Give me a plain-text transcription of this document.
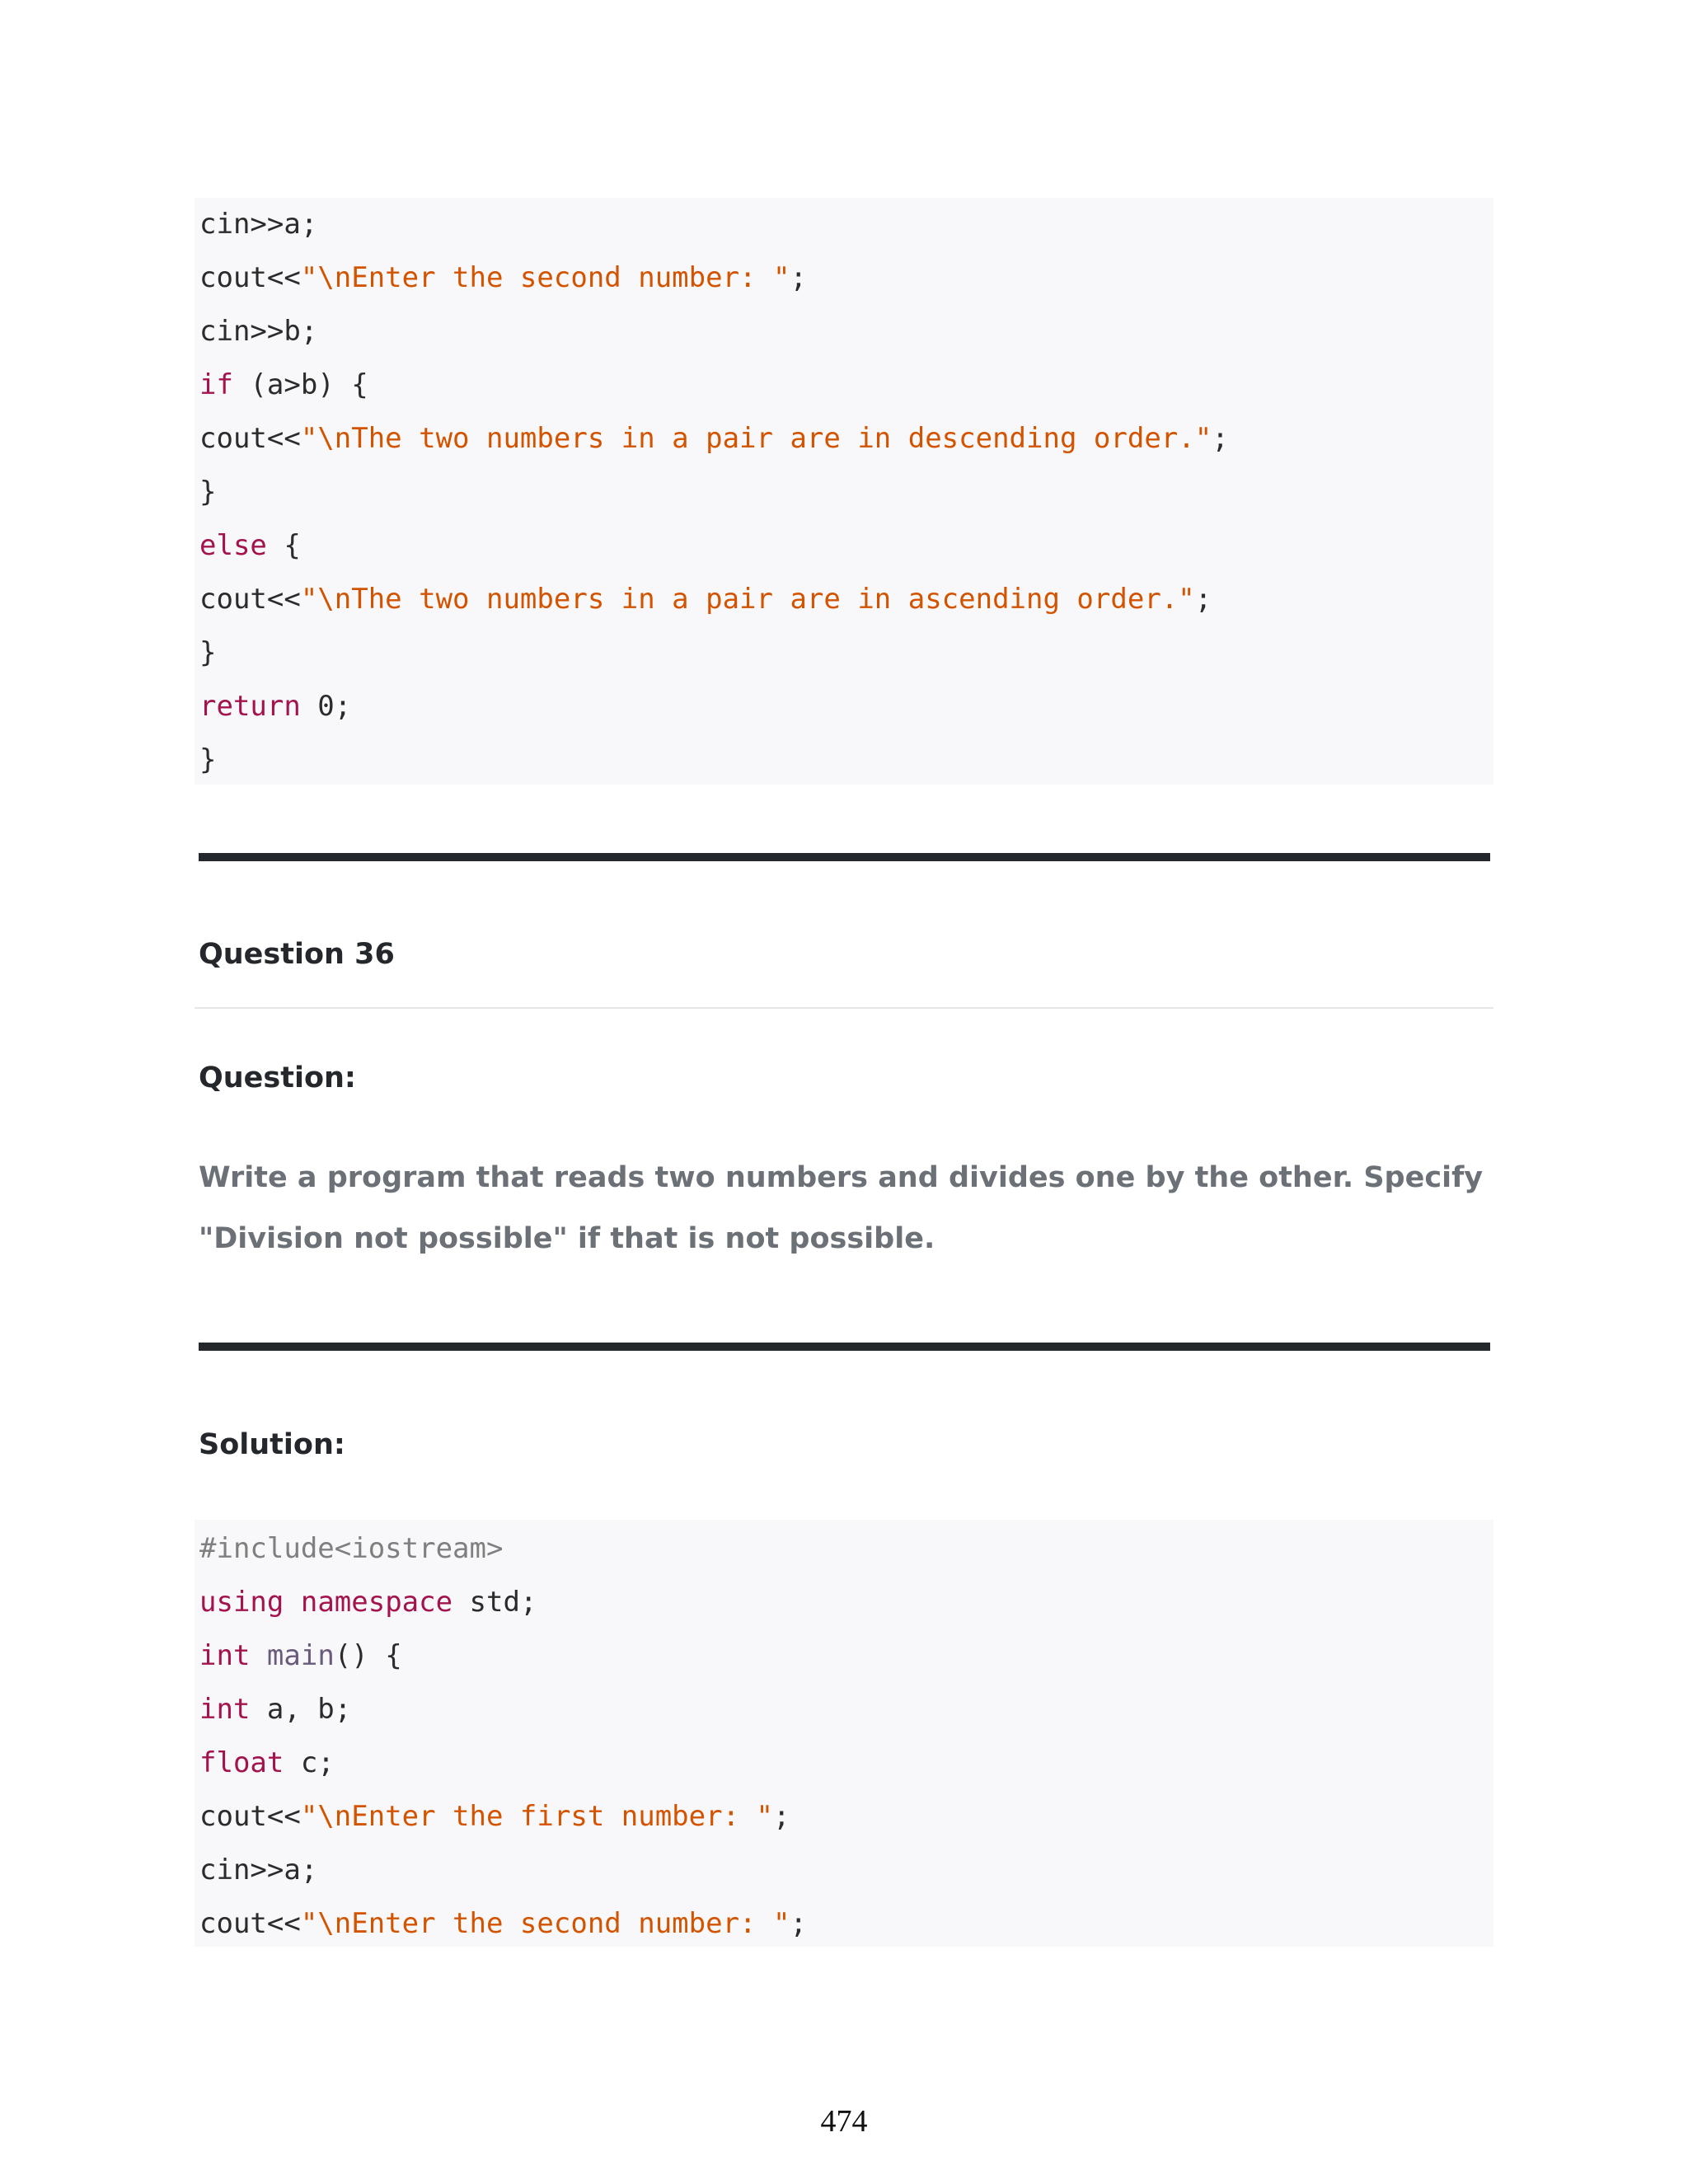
cin>>a;
cout<<"\nEnter the second number: ";
cin>>b;
if (a>b) {
cout<<"\nThe two numbers in a pair are in descending order.";
}
else {
cout<<"\nThe two numbers in a pair are in ascending order.";
}
return 0;
}
Question 36
Question:
Write a program that reads two numbers and divides one by the other. Specify "Division not possible" if that is not possible.
Solution:
#include<iostream>
using namespace std;
int main() {
int a, b;
float c;
cout<<"\nEnter the first number: ";
cin>>a;
cout<<"\nEnter the second number: ";
474
